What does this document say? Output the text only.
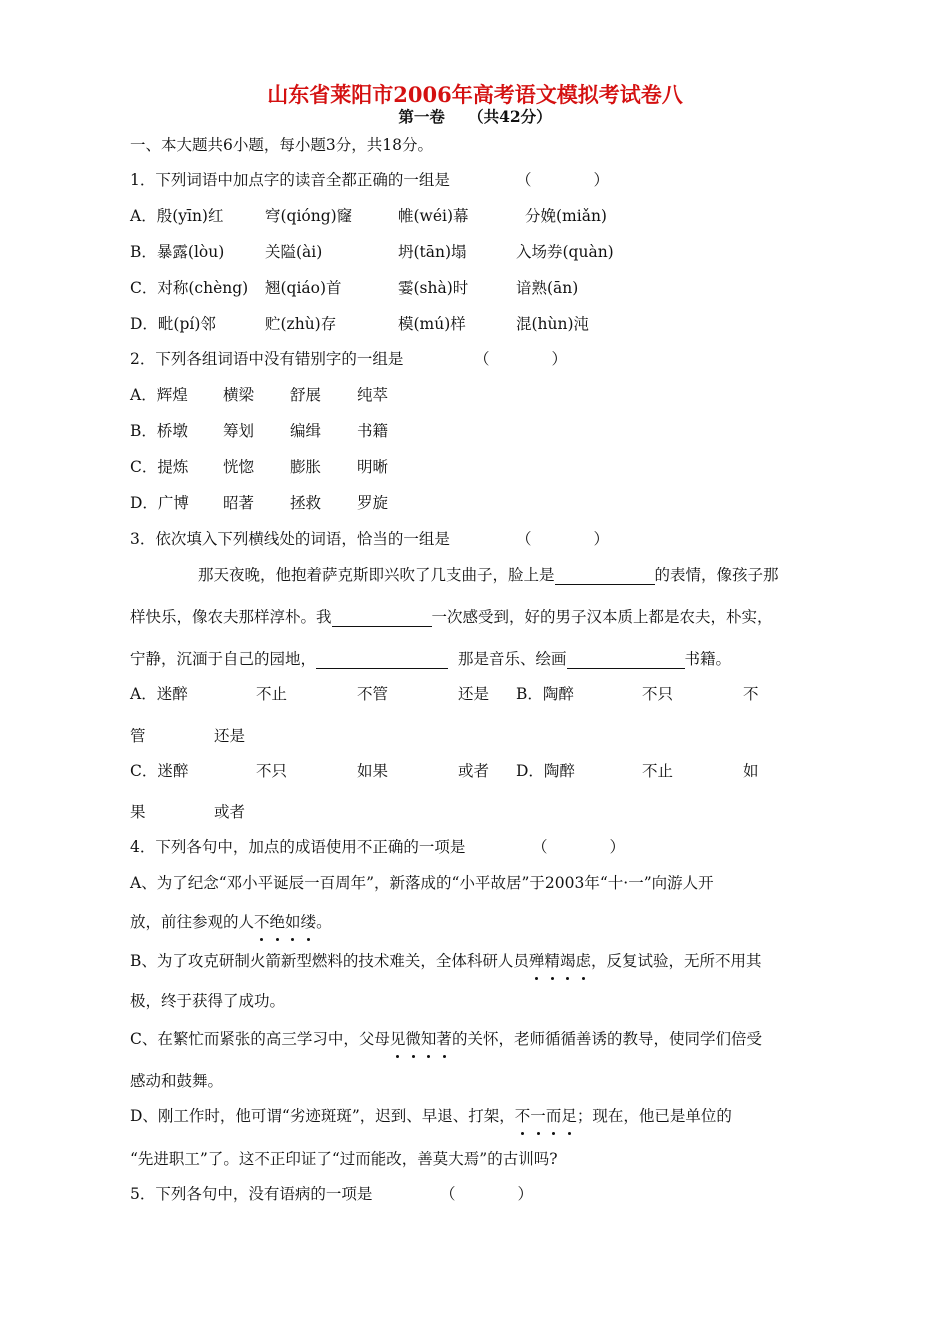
山东省莱阳市2006年高考语文模拟考试卷八
第一卷　　（共42分）
一、本大题共6小题，每小题3分，共18分。
1．下列词语中加点字的读音全都正确的一组是	（　　　　）
A．殷(yīn)红	穹(qióng)窿	帷(wéi)幕	分娩(miǎn)
B．暴露(lòu)	关隘(ài)	坍(tān)塌	入场券(quàn)
C．对称(chèng) 翘(qiáo)首	霎(shà)时	谙熟(ān)
D．毗(pí)邻	贮(zhù)存	模(mú)样	混(hùn)沌
2．下列各组词语中没有错别字的一组是	（　　　　）
A．辉煌 横梁 舒展 纯萃
B．桥墩 筹划 编缉 书籍
C．提炼 恍惚 膨胀 明晰
D．广博 昭著 拯救 罗旋
3．依次填入下列横线处的词语，恰当的一组是	（　　　　）
那天夜晚，他抱着萨克斯即兴吹了几支曲子，脸上是	的表情，像孩子那
样快乐，像农夫那样淳朴。我	一次感受到，好的男子汉本质上都是农夫，朴实，
宁静，沉湎于自己的园地，	那是音乐、绘画	书籍。
A．迷醉	不止	不管	还是 B．陶醉	不只	不
管	还是
C．迷醉	不只	如果	或者 D．陶醉	不止	如
果	或者
4．下列各句中，加点的成语使用不正确的一项是	（　　　　）
A、为了纪念“邓小平诞辰一百周年”，新落成的“小平故居”于2003年“十·一”向游人开
放，前往参观的人不绝如缕。
B、为了攻克研制火箭新型燃料的技术难关，全体科研人员殚精竭虑，反复试验，无所不用其
极，终于获得了成功。
C、在繁忙而紧张的高三学习中，父母见微知著的关怀，老师循循善诱的教导，使同学们倍受
感动和鼓舞。
D、刚工作时，他可谓“劣迹斑斑”，迟到、早退、打架，不一而足；现在，他已是单位的
“先进职工”了。这不正印证了“过而能改，善莫大焉”的古训吗?
5．下列各句中，没有语病的一项是	（　　　　）
